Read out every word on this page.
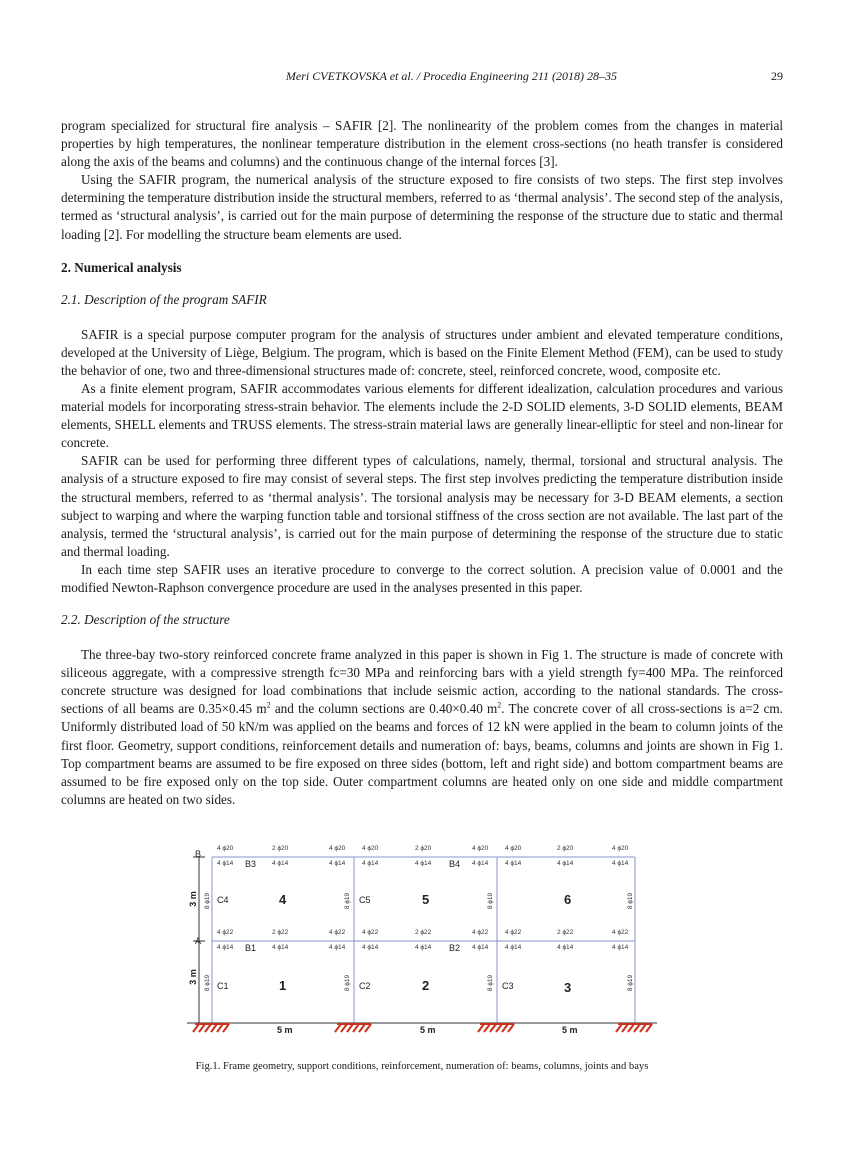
Meri CVETKOVSKA et al. / Procedia Engineering 211 (2018) 28–35	29

program specialized for structural fire analysis – SAFIR [2]. The nonlinearity of the problem comes from the changes in material properties by high temperatures, the nonlinear temperature distribution in the element cross-sections (no heath transfer is considered along the axis of the beams and columns) and the continuous change of the internal forces [3].

Using the SAFIR program, the numerical analysis of the structure exposed to fire consists of two steps. The first step involves determining the temperature distribution inside the structural members, referred to as ‘thermal analysis’. The second step of the analysis, termed as ‘structural analysis’, is carried out for the main purpose of determining the response of the structure due to static and thermal loading [2]. For modelling the structure beam elements are used.

2. Numerical analysis
2.1. Description of the program SAFIR

SAFIR is a special purpose computer program for the analysis of structures under ambient and elevated temperature conditions, developed at the University of Liège, Belgium. The program, which is based on the Finite Element Method (FEM), can be used to study the behavior of one, two and three-dimensional structures made of: concrete, steel, reinforced concrete, wood, composite etc.

As a finite element program, SAFIR accommodates various elements for different idealization, calculation procedures and various material models for incorporating stress-strain behavior. The elements include the 2-D SOLID elements, 3-D SOLID elements, BEAM elements, SHELL elements and TRUSS elements. The stress-strain material laws are generally linear-elliptic for steel and non-linear for concrete.

SAFIR can be used for performing three different types of calculations, namely, thermal, torsional and structural analysis. The analysis of a structure exposed to fire may consist of several steps. The first step involves predicting the temperature distribution inside the structural members, referred to as ‘thermal analysis’. The torsional analysis may be necessary for 3-D BEAM elements, a section subject to warping and where the warping function table and torsional stiffness of the cross section are not available. The last part of the analysis, termed the ‘structural analysis’, is carried out for the main purpose of determining the response of the structure due to static and thermal loading.

In each time step SAFIR uses an iterative procedure to converge to the correct solution. A precision value of 0.0001 and the modified Newton-Raphson convergence procedure are used in the analyses presented in this paper.

2.2. Description of the structure

The three-bay two-story reinforced concrete frame analyzed in this paper is shown in Fig 1. The structure is made of concrete with siliceous aggregate, with a compressive strength fc=30 MPa and reinforcing bars with a yield strength fy=400 MPa. The reinforced concrete structure was designed for load combinations that include seismic action, according to the national standards. The cross-sections of all beams are 0.35×0.45 $m^2$ and the column sections are 0.40×0.40 $m^2$. The concrete cover of all cross-sections is a=2 cm. Uniformly distributed load of 50 kN/m was applied on the beams and forces of 12 kN were applied in the beam to column joints of the first floor. Geometry, support conditions, reinforcement details and numeration of: bays, beams, columns and joints are shown in Fig 1. Top compartment beams are assumed to be fire exposed on three sides (bottom, left and right side) and bottom compartment beams are assumed to be fire exposed only on the top side. Outer compartment columns are heated only on one side and middle compartment columns are heated on two sides.

B
A
3 m
3 m
4 ϕ20	2 ϕ20	4 ϕ20	4 ϕ20	2 ϕ20	4 ϕ20	4 ϕ20	2 ϕ20	4 ϕ20
4 ϕ14	4 ϕ14	4 ϕ14	4 ϕ14	4 ϕ14	4 ϕ14	4 ϕ14	4 ϕ14	4 ϕ14
4 ϕ22	2 ϕ22	4 ϕ22	4 ϕ22	2 ϕ22	4 ϕ22	4 ϕ22	2 ϕ22	4 ϕ22
4 ϕ14	4 ϕ14	4 ϕ14	4 ϕ14	4 ϕ14	4 ϕ14	4 ϕ14	4 ϕ14	4 ϕ14
B3	B4
B1	B2
C4	C5
C1	C2	C3
8 ϕ19	8 ϕ19	8 ϕ19	8 ϕ19
8 ϕ19	8 ϕ19	8 ϕ19	8 ϕ19
4	5	6
1	2	3
5 m	5 m	5 m
Fig.1. Frame geometry, support conditions, reinforcement, numeration of: beams, columns, joints and bays
